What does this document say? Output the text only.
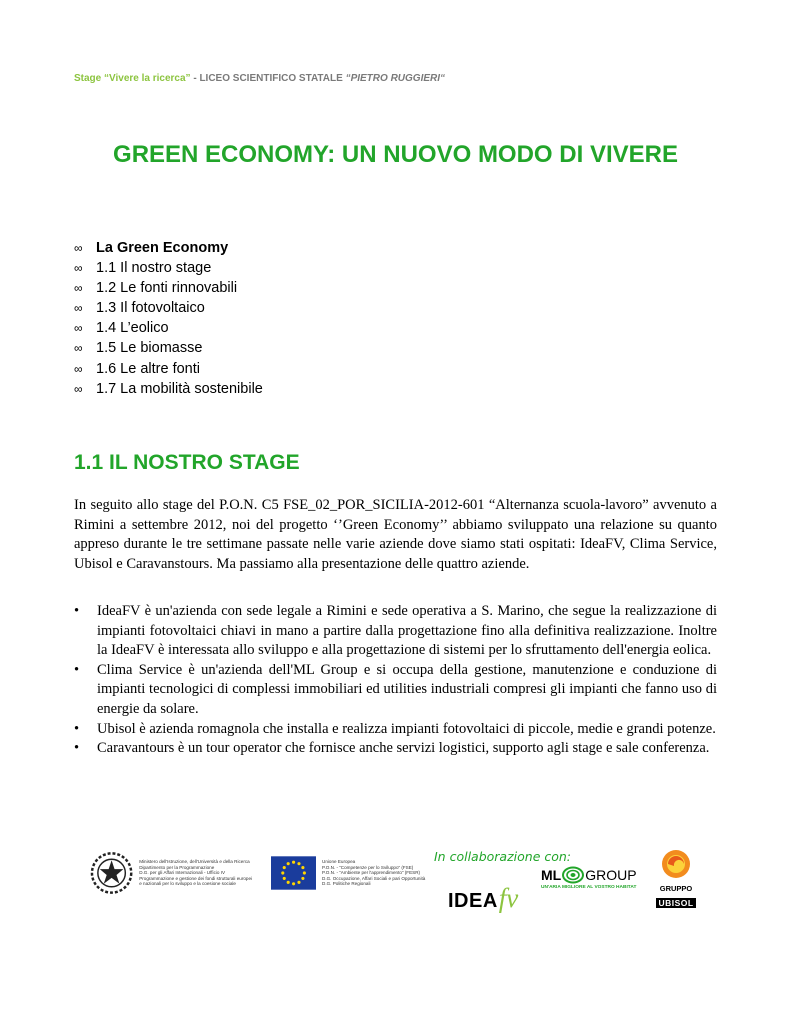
Stage “Vivere la ricerca” - LICEO SCIENTIFICO STATALE “PIETRO RUGGIERI“
GREEN ECONOMY: UN NUOVO MODO DI VIVERE
∞ La Green Economy
∞ 1.1 Il nostro stage
∞ 1.2 Le fonti rinnovabili
∞ 1.3 Il fotovoltaico
∞ 1.4 L’eolico
∞ 1.5 Le biomasse
∞ 1.6 Le altre fonti
∞ 1.7 La mobilità sostenibile
1.1 IL NOSTRO STAGE

In seguito allo stage del P.O.N. C5 FSE_02_POR_SICILIA-2012-601 “Alternanza scuola-lavoro” avvenuto a Rimini a settembre 2012, noi del progetto ‘’Green Economy’’ abbiamo sviluppato una relazione su quanto appreso durante le tre settimane passate nelle varie aziende dove siamo stati ospitati: IdeaFV, Clima Service, Ubisol e Caravanstours. Ma passiamo alla presentazione delle quattro aziende.

• IdeaFV è un'azienda con sede legale a Rimini e sede operativa a S. Marino, che segue la realizzazione di impianti fotovoltaici chiavi in mano a partire dalla progettazione fino alla definitiva realizzazione. Inoltre la IdeaFV è interessata allo sviluppo e alla progettazione di sistemi per lo sfruttamento dell'energia eolica.
• Clima Service è un'azienda dell'ML Group e si occupa della gestione, manutenzione e conduzione di impianti tecnologici di complessi immobiliari ed utilities industriali compresi gli impianti che fanno uso di energie da solare.
• Ubisol è azienda romagnola che installa e realizza impianti fotovoltaici di piccole, medie e grandi potenze.
• Caravantours è un tour operator che fornisce anche servizi logistici, supporto agli stage e sale conferenza.
Ministero dell'Istruzione, dell'Università e della Ricerca
Dipartimento per la Programmazione
D.G. per gli Affari Internazionali - Ufficio IV
Programmazione e gestione dei fondi strutturali europei
e nazionali per lo sviluppo e la coesione sociale
Unione Europea
P.O.N. - “Competenze per lo Sviluppo” (FSE)
P.O.N. - “Ambiente per l'apprendimento” (FESR)
D.G. Occupazione, Affari Sociali e pari Opportunità
D.G. Politiche Regionali
In collaborazione con:
IDEA fv
ML GROUP
UN'ARIA MIGLIORE AL VOSTRO HABITAT	GRUPPO
UBISOL
